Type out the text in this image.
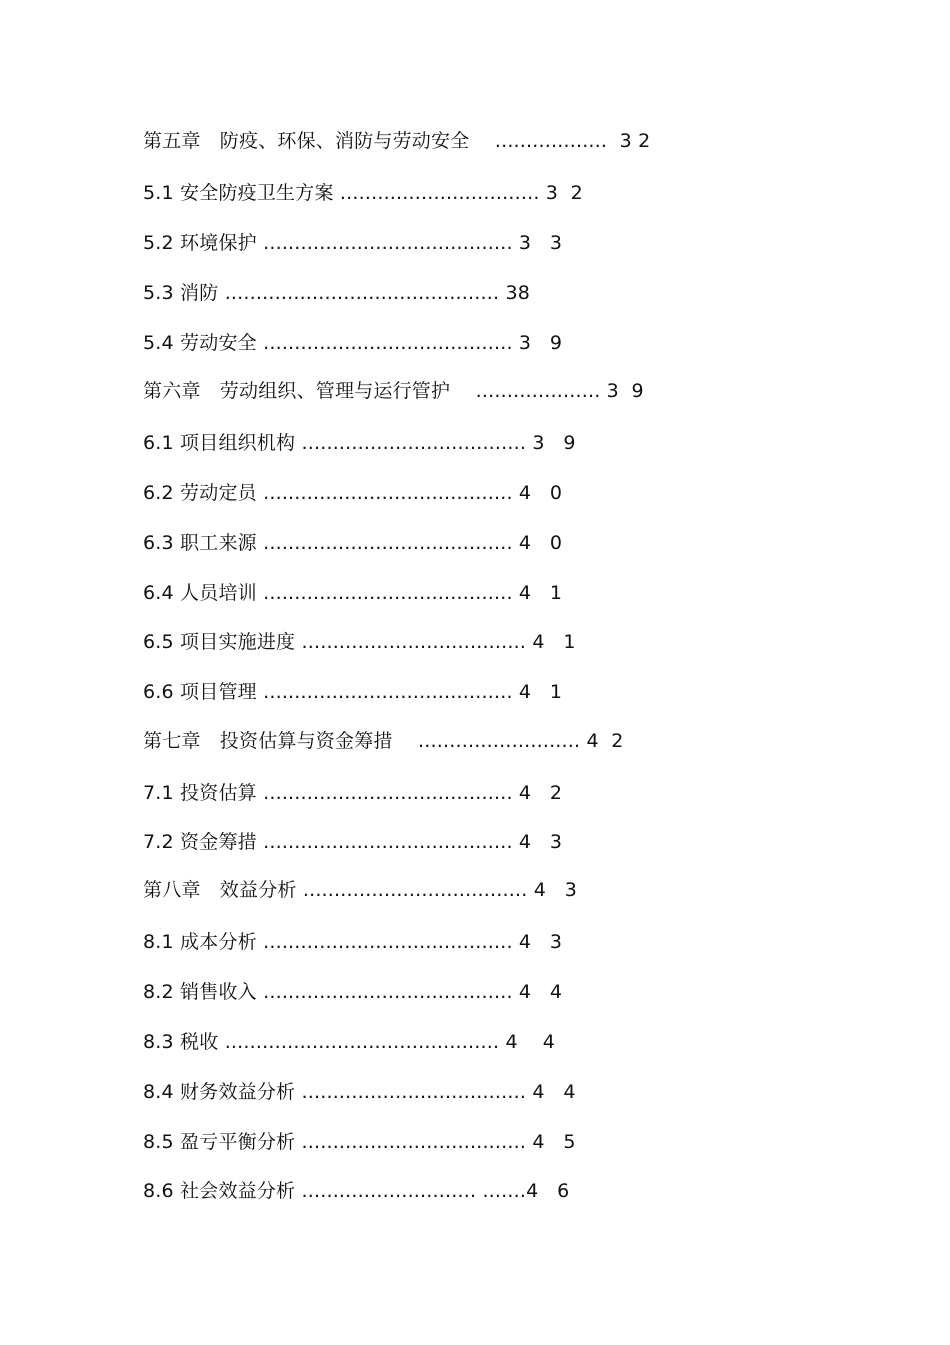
第五章　防疫、环保、消防与劳动安全　 ..................  3 2
5.1 安全防疫卫生方案 ................................ 3  2
5.2 环境保护 ........................................ 3   3
5.3 消防 ............................................ 38
5.4 劳动安全 ........................................ 3   9
第六章　劳动组织、管理与运行管护　 .................... 3  9
6.1 项目组织机构 .................................... 3   9
6.2 劳动定员 ........................................ 4   0
6.3 职工来源 ........................................ 4   0
6.4 人员培训 ........................................ 4   1
6.5 项目实施进度 .................................... 4   1
6.6 项目管理 ........................................ 4   1
第七章　投资估算与资金筹措　 .......................... 4  2
7.1 投资估算 ........................................ 4   2
7.2 资金筹措 ........................................ 4   3
第八章　效益分析 .................................... 4   3
8.1 成本分析 ........................................ 4   3
8.2 销售收入 ........................................ 4   4
8.3 税收 ............................................ 4    4
8.4 财务效益分析 .................................... 4   4
8.5 盈亏平衡分析 .................................... 4   5
8.6 社会效益分析 ............................ .......4   6
